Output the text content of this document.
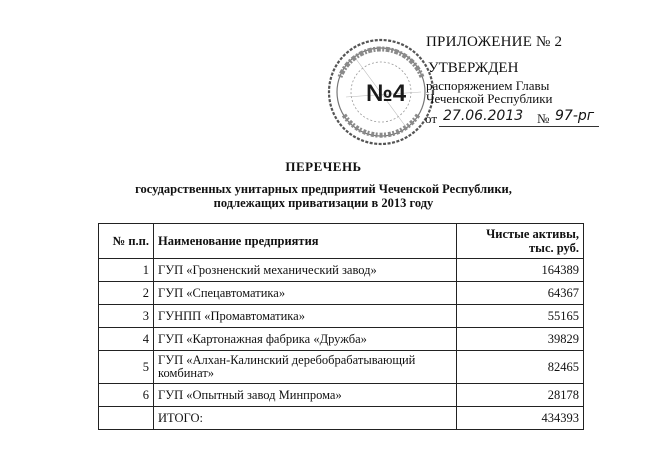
№4
ПРИЛОЖЕНИЕ № 2
УТВЕРЖДЕН
распоряжением Главы
Чеченской Республики
от 27.06.2013 № 97-рг
ПЕРЕЧЕНЬ
государственных унитарных предприятий Чеченской Республики,
подлежащих приватизации в 2013 году
№ п.п.	Наименование предприятия	Чистые активы,
тыс. руб.

1	ГУП «Грозненский механический завод»	164389
2	ГУП «Спецавтоматика»	64367
3	ГУНПП «Промавтоматика»	55165
4	ГУП «Картонажная фабрика «Дружба»	39829
5	ГУП «Алхан-Калинский деребобрабатывающий комбинат»	82465
6	ГУП «Опытный завод Минпрома»	28178
	ИТОГО:	434393
